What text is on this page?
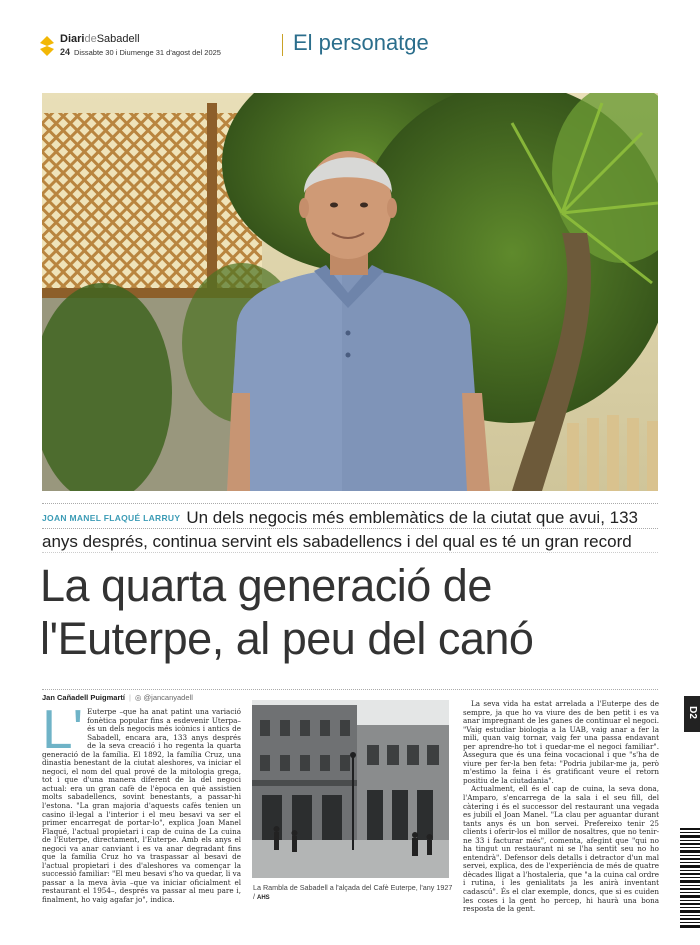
DiarideSabadell
24 Dissabte 30 i Diumenge 31 d'agost del 2025	El personatge
JOAN MANEL FLAQUÉ LARRUY Un dels negocis més emblemàtics de la ciutat que avui, 133 anys després, continua servint els sabadellencs i del qual es té un gran record
La quarta generació de
l'Euterpe, al peu del canó
Jan Cañadell Puigmartí | ◎ @jancanyadell
L' Euterpe –que ha anat patint una variació fonètica popular fins a esdevenir Uterpa– és un dels negocis més icònics i antics de Sabadell, encara ara, 133 anys després de la seva creació i ho regenta la quarta generació de la família. El 1892, la família Cruz, una dinastia benestant de la ciutat aleshores, va iniciar el negoci, el nom del qual prové de la mitologia grega, tot i que d'una manera diferent de la del negoci actual: era un gran cafè de l'època en què assistien molts sabadellencs, sovint benestants, a passar-hi l'estona. "La gran majoria d'aquests cafès tenien un casino il·legal a l'interior i el meu besavi va ser el primer encarregat de portar-lo", explica Joan Manel Flaqué, l'actual propietari i cap de cuina de La cuina de l'Euterpe, directament, l'Euterpe. Amb els anys el negoci va anar canviant i es va anar degradant fins que la família Cruz ho va traspassar al besavi de l'actual propietari i des d'aleshores va començar la successió familiar: "El meu besavi s'ho va quedar, li va passar a la meva àvia –que va iniciar oficialment el restaurant el 1954–, després va passar al meu pare i, finalment, ho vaig agafar jo", indica.

La Rambla de Sabadell a l'alçada del Cafè Euterpe, l'any 1927 / AHS

La seva vida ha estat arrelada a l'Euterpe des de sempre, ja que ho va viure des de ben petit i es va anar impregnant de les ganes de continuar el negoci. "Vaig estudiar biologia a la UAB, vaig anar a fer la mili, quan vaig tornar, vaig fer una passa endavant per aprendre-ho tot i quedar-me el negoci familiar". Assegura que és una feina vocacional i que "s'ha de viure per fer-la ben feta: "Podria jubilar-me ja, però m'estimo la feina i és gratificant veure el retorn positiu de la ciutadania".

Actualment, ell és el cap de cuina, la seva dona, l'Amparo, s'encarrega de la sala i el seu fill, del càtering i és el successor del restaurant una vegada es jubili el Joan Manel. "La clau per aguantar durant tants anys és un bon servei. Prefereixo tenir 25 clients i oferir-los el millor de nosaltres, que no tenir-ne 33 i facturar més", comenta, afegint que "qui no ha tingut un restaurant ni se l'ha sentit seu no ho entendrà". Defensor dels detalls i detractor d'un mal servei, explica, des de l'experiència de més de quatre dècades lligat a l'hostaleria, que "a la cuina cal ordre i rutina, i les genialitats ja les anirà inventant cadascú". És el clar exemple, doncs, que si es cuiden les coses i la gent ho percep, hi haurà una bona resposta de la gent.

D2
